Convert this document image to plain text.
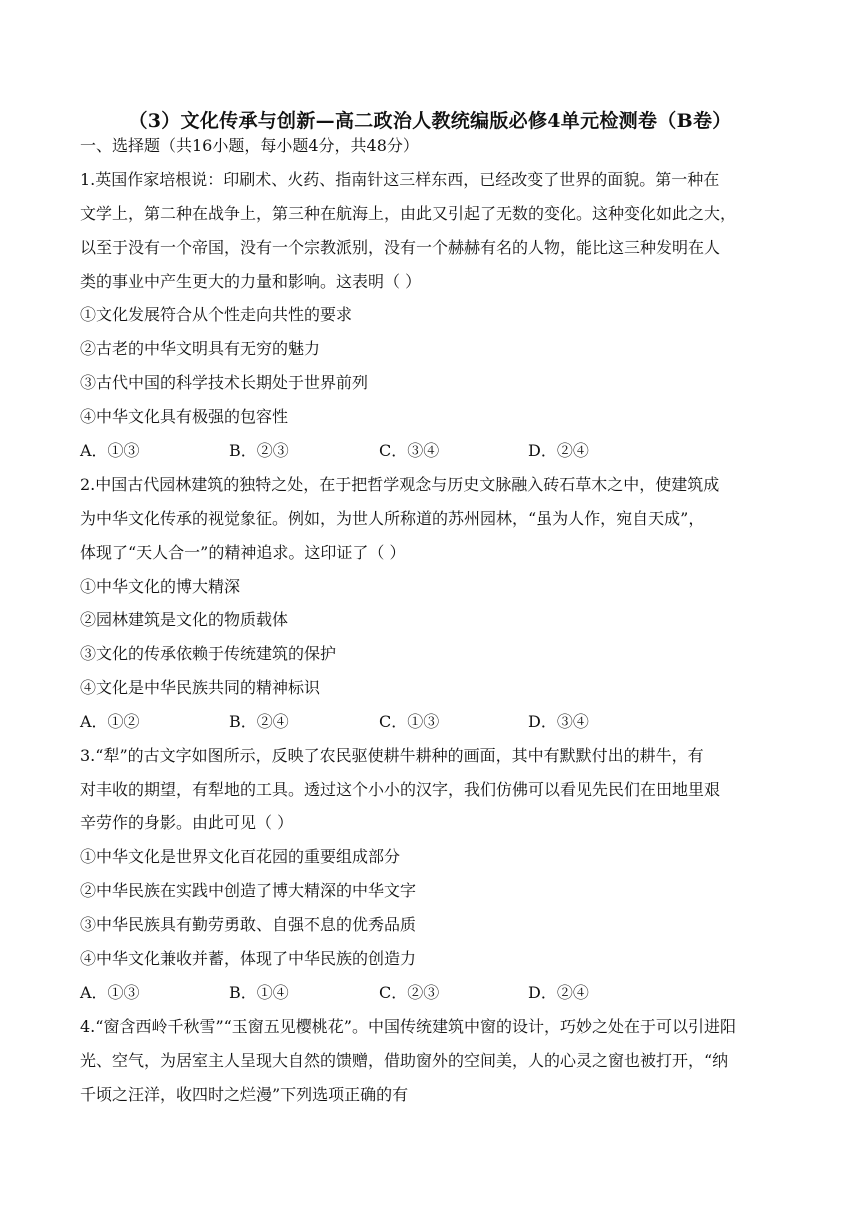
（3）文化传承与创新—高二政治人教统编版必修4单元检测卷（B卷）
一、选择题（共16小题，每小题4分，共48分）
1.英国作家培根说：印刷术、火药、指南针这三样东西，已经改变了世界的面貌。第一种在
文学上，第二种在战争上，第三种在航海上，由此又引起了无数的变化。这种变化如此之大，
以至于没有一个帝国，没有一个宗教派别，没有一个赫赫有名的人物，能比这三种发明在人
类的事业中产生更大的力量和影响。这表明（ ）
①文化发展符合从个性走向共性的要求
②古老的中华文明具有无穷的魅力
③古代中国的科学技术长期处于世界前列
④中华文化具有极强的包容性
A．①③	B．②③	C．③④	D．②④
2.中国古代园林建筑的独特之处，在于把哲学观念与历史文脉融入砖石草木之中，使建筑成
为中华文化传承的视觉象征。例如，为世人所称道的苏州园林，“虽为人作，宛自天成”，
体现了“天人合一”的精神追求。这印证了（ ）
①中华文化的博大精深
②园林建筑是文化的物质载体
③文化的传承依赖于传统建筑的保护
④文化是中华民族共同的精神标识
A．①②	B．②④	C．①③	D．③④
3.“犁”的古文字如图所示，反映了农民驱使耕牛耕种的画面，其中有默默付出的耕牛，有
对丰收的期望，有犁地的工具。透过这个小小的汉字，我们仿佛可以看见先民们在田地里艰
辛劳作的身影。由此可见（ ）
①中华文化是世界文化百花园的重要组成部分
②中华民族在实践中创造了博大精深的中华文字
③中华民族具有勤劳勇敢、自强不息的优秀品质
④中华文化兼收并蓄，体现了中华民族的创造力
A．①③	B．①④	C．②③	D．②④
4.“窗含西岭千秋雪”“玉窗五见樱桃花”。中国传统建筑中窗的设计，巧妙之处在于可以引进阳
光、空气，为居室主人呈现大自然的馈赠，借助窗外的空间美，人的心灵之窗也被打开，“纳
千顷之汪洋，收四时之烂漫”下列选项正确的有
